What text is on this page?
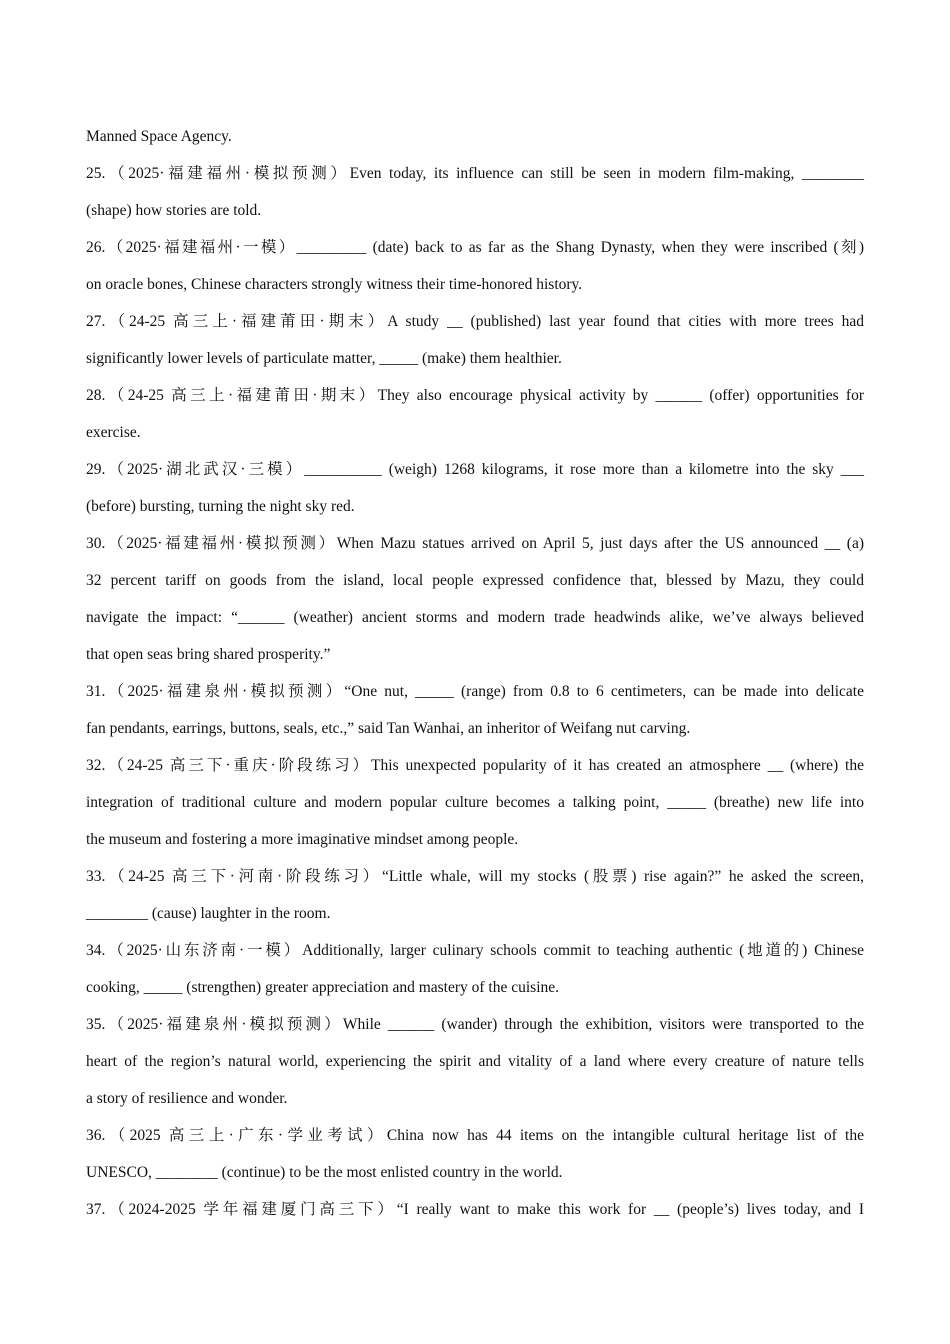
Manned Space Agency.
25.（2025·福建福州·模拟预测）Even today, its influence can still be seen in modern film-making, ________
(shape) how stories are told.
26.（2025·福建福州·一模）_________ (date) back to as far as the Shang Dynasty, when they were inscribed (刻)
on oracle bones, Chinese characters strongly witness their time-honored history.
27.（24-25 高三上·福建莆田·期末）A study __ (published) last year found that cities with more trees had
significantly lower levels of particulate matter, _____ (make) them healthier.
28.（24-25 高三上·福建莆田·期末）They also encourage physical activity by ______ (offer) opportunities for
exercise.
29.（2025·湖北武汉·三模）__________ (weigh) 1268 kilograms, it rose more than a kilometre into the sky ___
(before) bursting, turning the night sky red.
30.（2025·福建福州·模拟预测）When Mazu statues arrived on April 5, just days after the US announced __ (a)
32 percent tariff on goods from the island, local people expressed confidence that, blessed by Mazu, they could
navigate the impact: “______ (weather) ancient storms and modern trade headwinds alike, we’ve always believed
that open seas bring shared prosperity.”
31.（2025·福建泉州·模拟预测）“One nut, _____ (range) from 0.8 to 6 centimeters, can be made into delicate
fan pendants, earrings, buttons, seals, etc.,” said Tan Wanhai, an inheritor of Weifang nut carving.
32.（24-25 高三下·重庆·阶段练习）This unexpected popularity of it has created an atmosphere __ (where) the
integration of traditional culture and modern popular culture becomes a talking point, _____ (breathe) new life into
the museum and fostering a more imaginative mindset among people.
33.（24-25 高三下·河南·阶段练习）“Little whale, will my stocks (股票) rise again?” he asked the screen,
________ (cause) laughter in the room.
34.（2025·山东济南·一模）Additionally, larger culinary schools commit to teaching authentic (地道的) Chinese
cooking, _____ (strengthen) greater appreciation and mastery of the cuisine.
35.（2025·福建泉州·模拟预测）While ______ (wander) through the exhibition, visitors were transported to the
heart of the region’s natural world, experiencing the spirit and vitality of a land where every creature of nature tells
a story of resilience and wonder.
36.（2025 高三上·广东·学业考试）China now has 44 items on the intangible cultural heritage list of the
UNESCO, ________ (continue) to be the most enlisted country in the world.
37.（2024-2025 学年福建厦门高三下）“I really want to make this work for __ (people’s) lives today, and I
